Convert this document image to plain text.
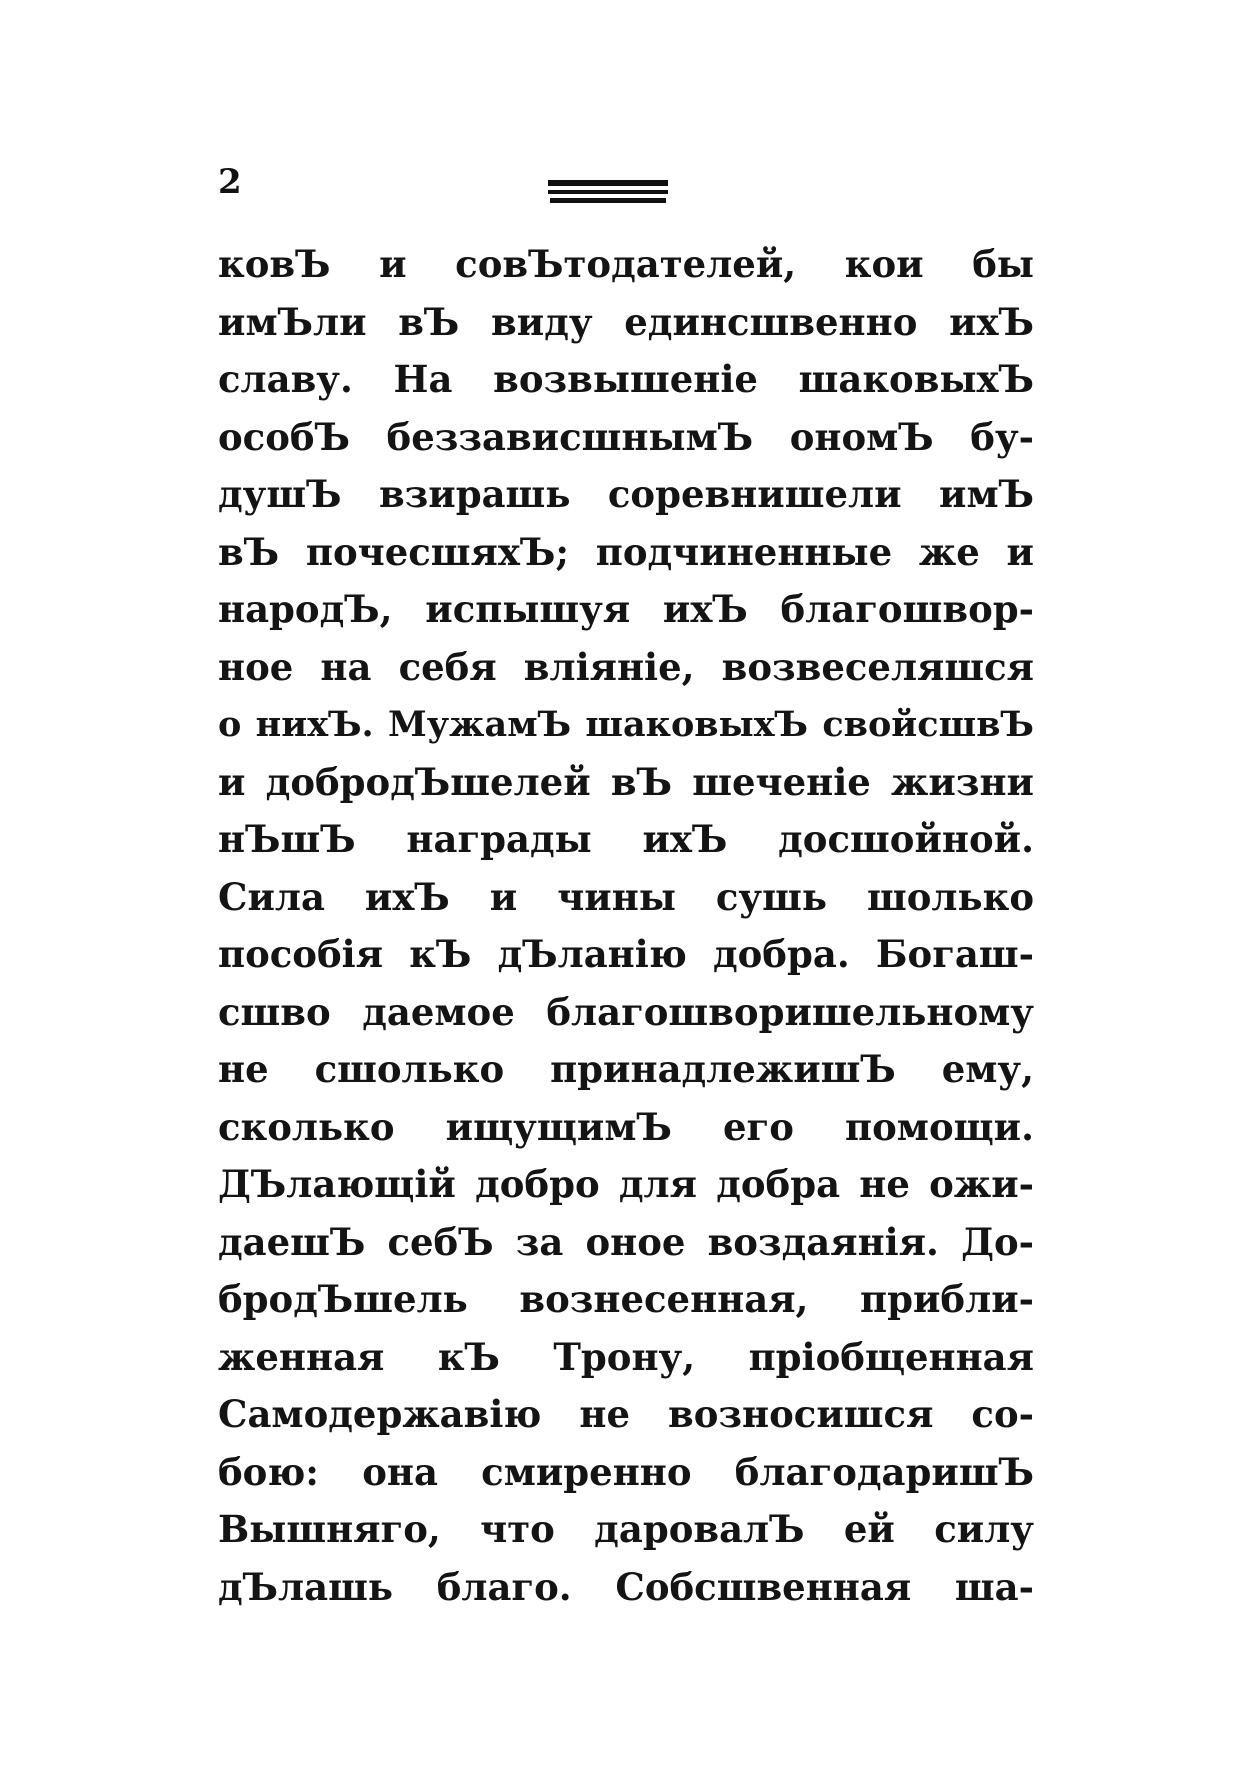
2
ковЪ и совЪтодателей, кои бы
имЪли вЪ виду единсшвенно ихЪ
славу. На возвышенiе шаковыхЪ
особЪ беззависшнымЪ ономЪ бу-
душЪ взирашь соревнишели имЪ
вЪ почесшяхЪ; подчиненные же и
народЪ, испышуя ихЪ благошвор-
ное на себя влiянiе, возвеселяшся
о нихЪ. МужамЪ шаковыхЪ свойсшвЪ
и добродЪшелей вЪ шеченiе жизни
нЪшЪ награды ихЪ досшойной.
Сила ихЪ и чины сушь шолько
пособiя кЪ дЪланiю добра. Богаш-
сшво даемое благошворишельному
не сшолько принадлежишЪ ему,
сколько ищущимЪ его помощи.
ДЪлающiй добро для добра не ожи-
даешЪ себЪ за оное воздаянiя. До-
бродЪшель вознесенная, прибли-
женная кЪ Трону, прiобщенная
Самодержавiю не возносишся со-
бою: она смиренно благодаришЪ
Вышняго, что даровалЪ ей силу
дЪлашь благо. Собсшвенная ша-
